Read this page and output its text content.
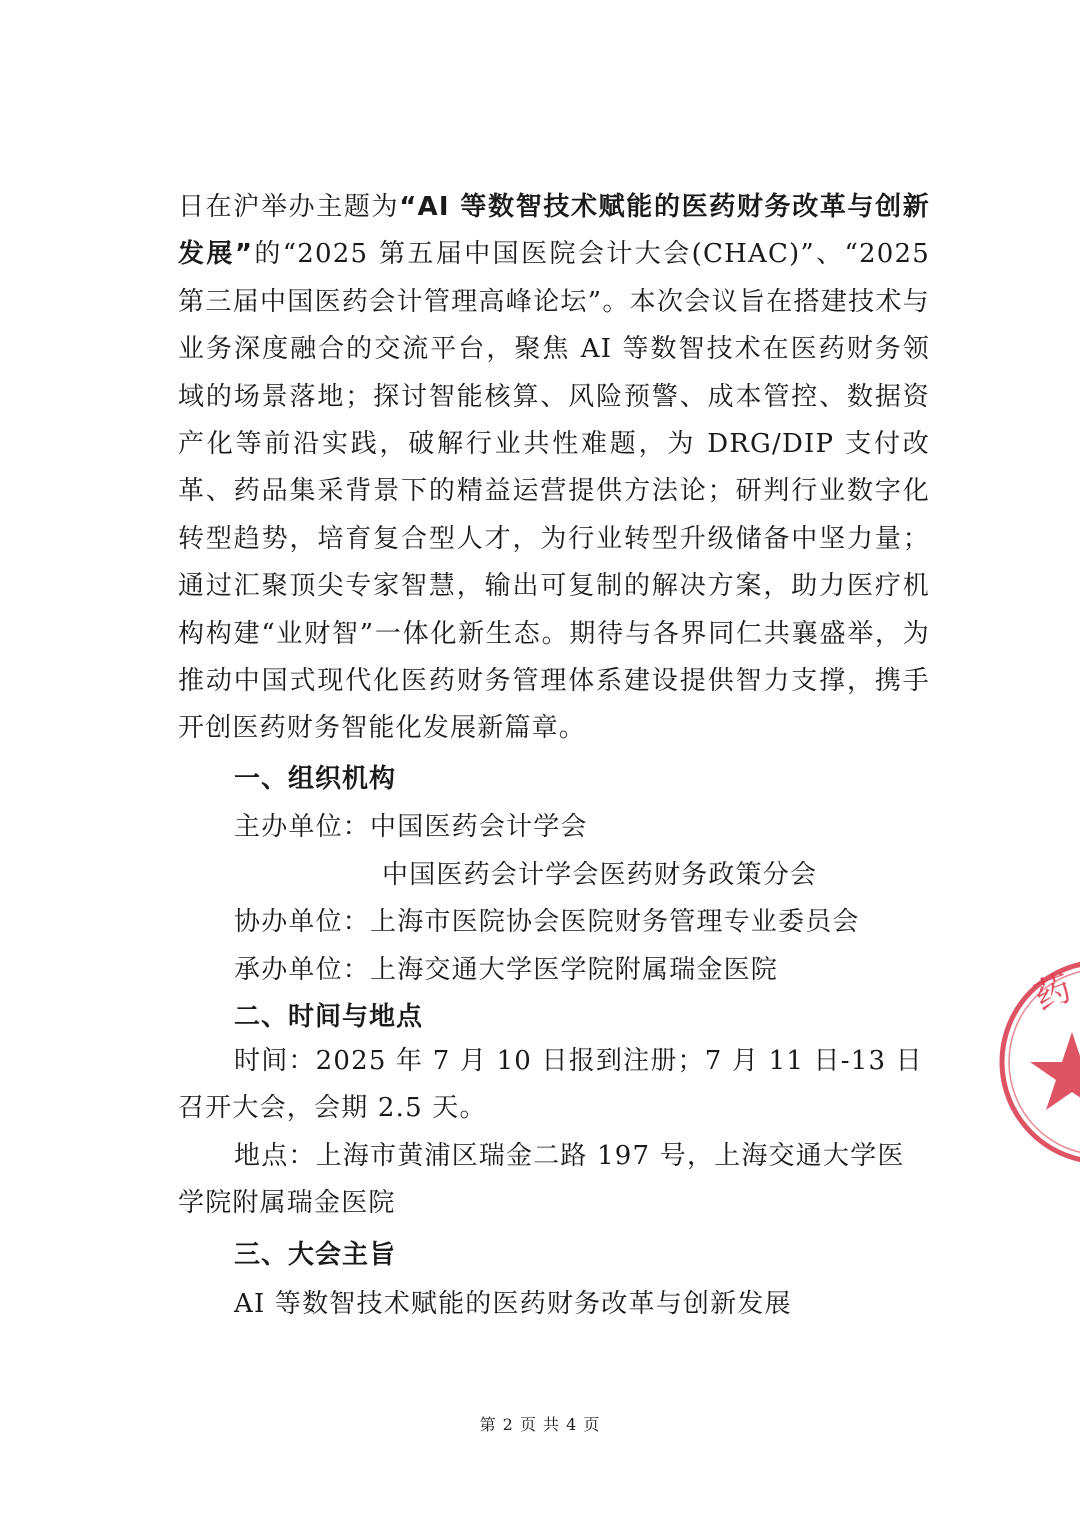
日在沪举办主题为“AI 等数智技术赋能的医药财务改革与创新发展”的“2025 第五届中国医院会计大会(CHAC)”、“2025 第三届中国医药会计管理高峰论坛”。本次会议旨在搭建技术与业务深度融合的交流平台，聚焦 AI 等数智技术在医药财务领域的场景落地；探讨智能核算、风险预警、成本管控、数据资产化等前沿实践，破解行业共性难题，为 DRG/DIP 支付改革、药品集采背景下的精益运营提供方法论；研判行业数字化转型趋势，培育复合型人才，为行业转型升级储备中坚力量；通过汇聚顶尖专家智慧，输出可复制的解决方案，助力医疗机构构建“业财智”一体化新生态。期待与各界同仁共襄盛举，为推动中国式现代化医药财务管理体系建设提供智力支撑，携手开创医药财务智能化发展新篇章。

一、组织机构
主办单位：中国医药会计学会
中国医药会计学会医药财务政策分会
协办单位：上海市医院协会医院财务管理专业委员会
承办单位：上海交通大学医学院附属瑞金医院
二、时间与地点

时间：2025 年 7 月 10 日报到注册；7 月 11 日-13 日召开大会，会期 2.5 天。

地点：上海市黄浦区瑞金二路 197 号，上海交通大学医学院附属瑞金医院

三、大会主旨
AI 等数智技术赋能的医药财务改革与创新发展
第 2 页 共 4 页
药
